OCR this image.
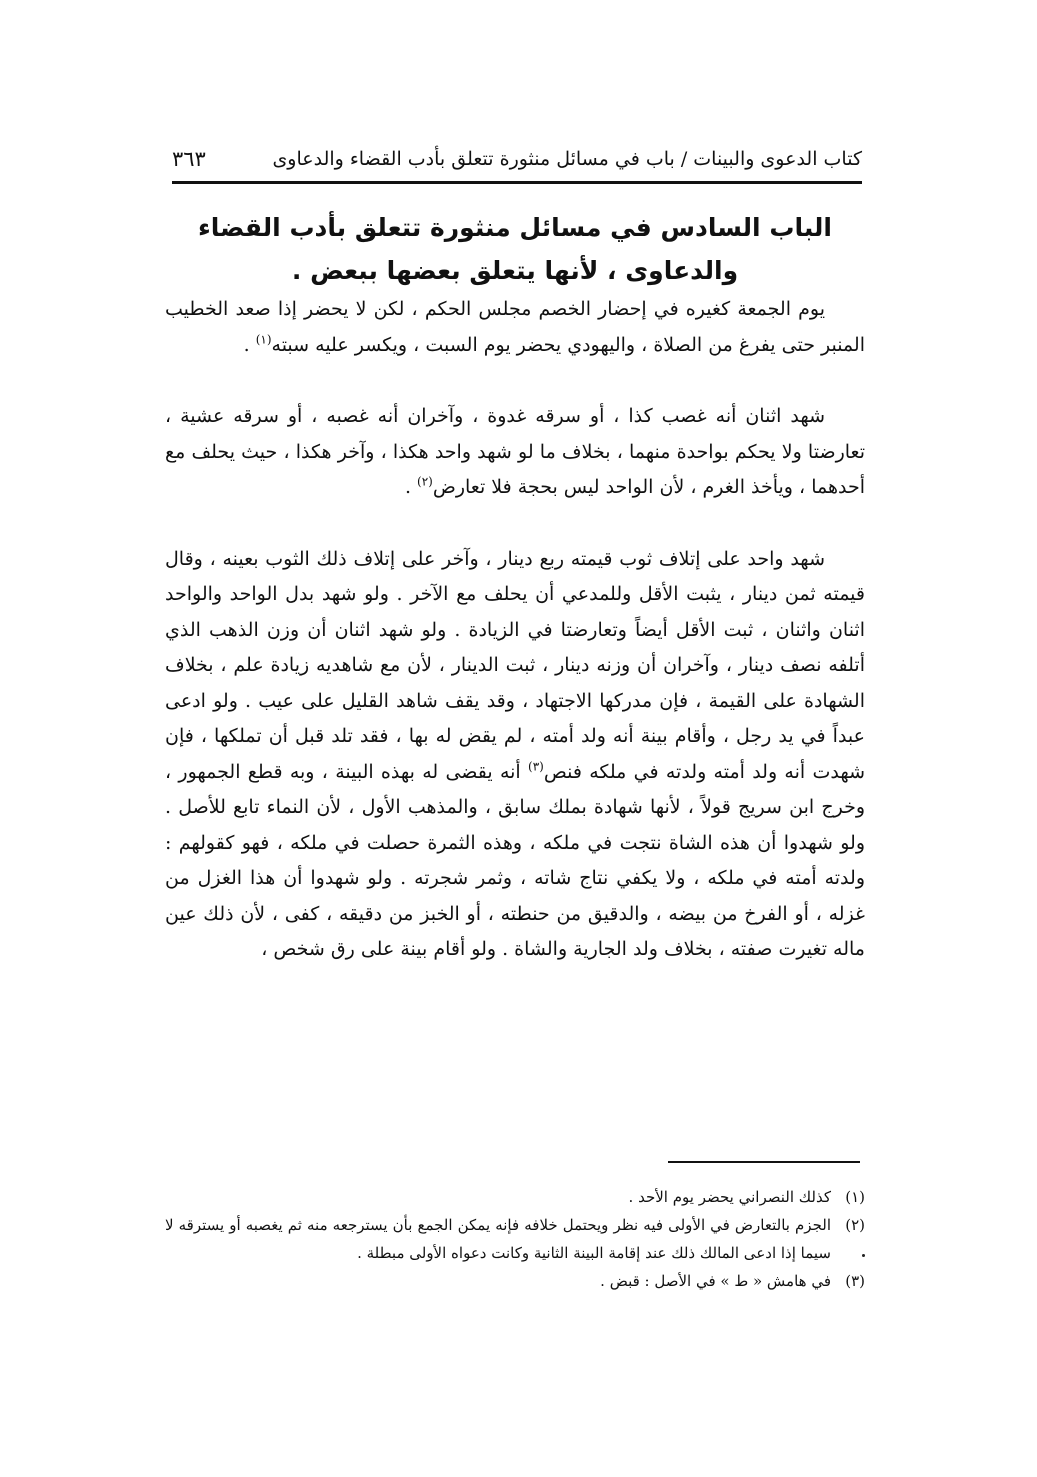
كتاب الدعوى والبينات / باب في مسائل منثورة تتعلق بأدب القضاء والدعاوى
٣٦٣
الباب السادس في مسائل منثورة تتعلق بأدب القضاء والدعاوى ، لأنها يتعلق بعضها ببعض .

يوم الجمعة كغيره في إحضار الخصم مجلس الحكم ، لكن لا يحضر إذا صعد الخطيب المنبر حتى يفرغ من الصلاة ، واليهودي يحضر يوم السبت ، ويكسر عليه سبته$^{(١)}$ .

شهد اثنان أنه غصب كذا ، أو سرقه غدوة ، وآخران أنه غصبه ، أو سرقه عشية ، تعارضتا ولا يحكم بواحدة منهما ، بخلاف ما لو شهد واحد هكذا ، وآخر هكذا ، حيث يحلف مع أحدهما ، ويأخذ الغرم ، لأن الواحد ليس بحجة فلا تعارض$^{(٢)}$ .

شهد واحد على إتلاف ثوب قيمته ربع دينار ، وآخر على إتلاف ذلك الثوب بعينه ، وقال قيمته ثمن دينار ، يثبت الأقل وللمدعي أن يحلف مع الآخر . ولو شهد بدل الواحد والواحد اثنان واثنان ، ثبت الأقل أيضاً وتعارضتا في الزيادة . ولو شهد اثنان أن وزن الذهب الذي أتلفه نصف دينار ، وآخران أن وزنه دينار ، ثبت الدينار ، لأن مع شاهديه زيادة علم ، بخلاف الشهادة على القيمة ، فإن مدركها الاجتهاد ، وقد يقف شاهد القليل على عيب . ولو ادعى عبداً في يد رجل ، وأقام بينة أنه ولد أمته ، لم يقض له بها ، فقد تلد قبل أن تملكها ، فإن شهدت أنه ولد أمته ولدته في ملكه فنص$^{(٣)}$ أنه يقضى له بهذه البينة ، وبه قطع الجمهور ، وخرج ابن سريج قولاً ، لأنها شهادة بملك سابق ، والمذهب الأول ، لأن النماء تابع للأصل . ولو شهدوا أن هذه الشاة نتجت في ملكه ، وهذه الثمرة حصلت في ملكه ، فهو كقولهم : ولدته أمته في ملكه ، ولا يكفي نتاج شاته ، وثمر شجرته . ولو شهدوا أن هذا الغزل من غزله ، أو الفرخ من بيضه ، والدقيق من حنطته ، أو الخبز من دقيقه ، كفى ، لأن ذلك عين ماله تغيرت صفته ، بخلاف ولد الجارية والشاة . ولو أقام بينة على رق شخص ،

(١)
كذلك النصراني يحضر يوم الأحد .
(٢)
الجزم بالتعارض في الأولى فيه نظر ويحتمل خلافه فإنه يمكن الجمع بأن يسترجعه منه ثم يغصبه أو يسترقه لا سيما إذا ادعى المالك ذلك عند إقامة البينة الثانية وكانت دعواه الأولى مبطلة .
(٣)
في هامش « ط » في الأصل : قبض .
